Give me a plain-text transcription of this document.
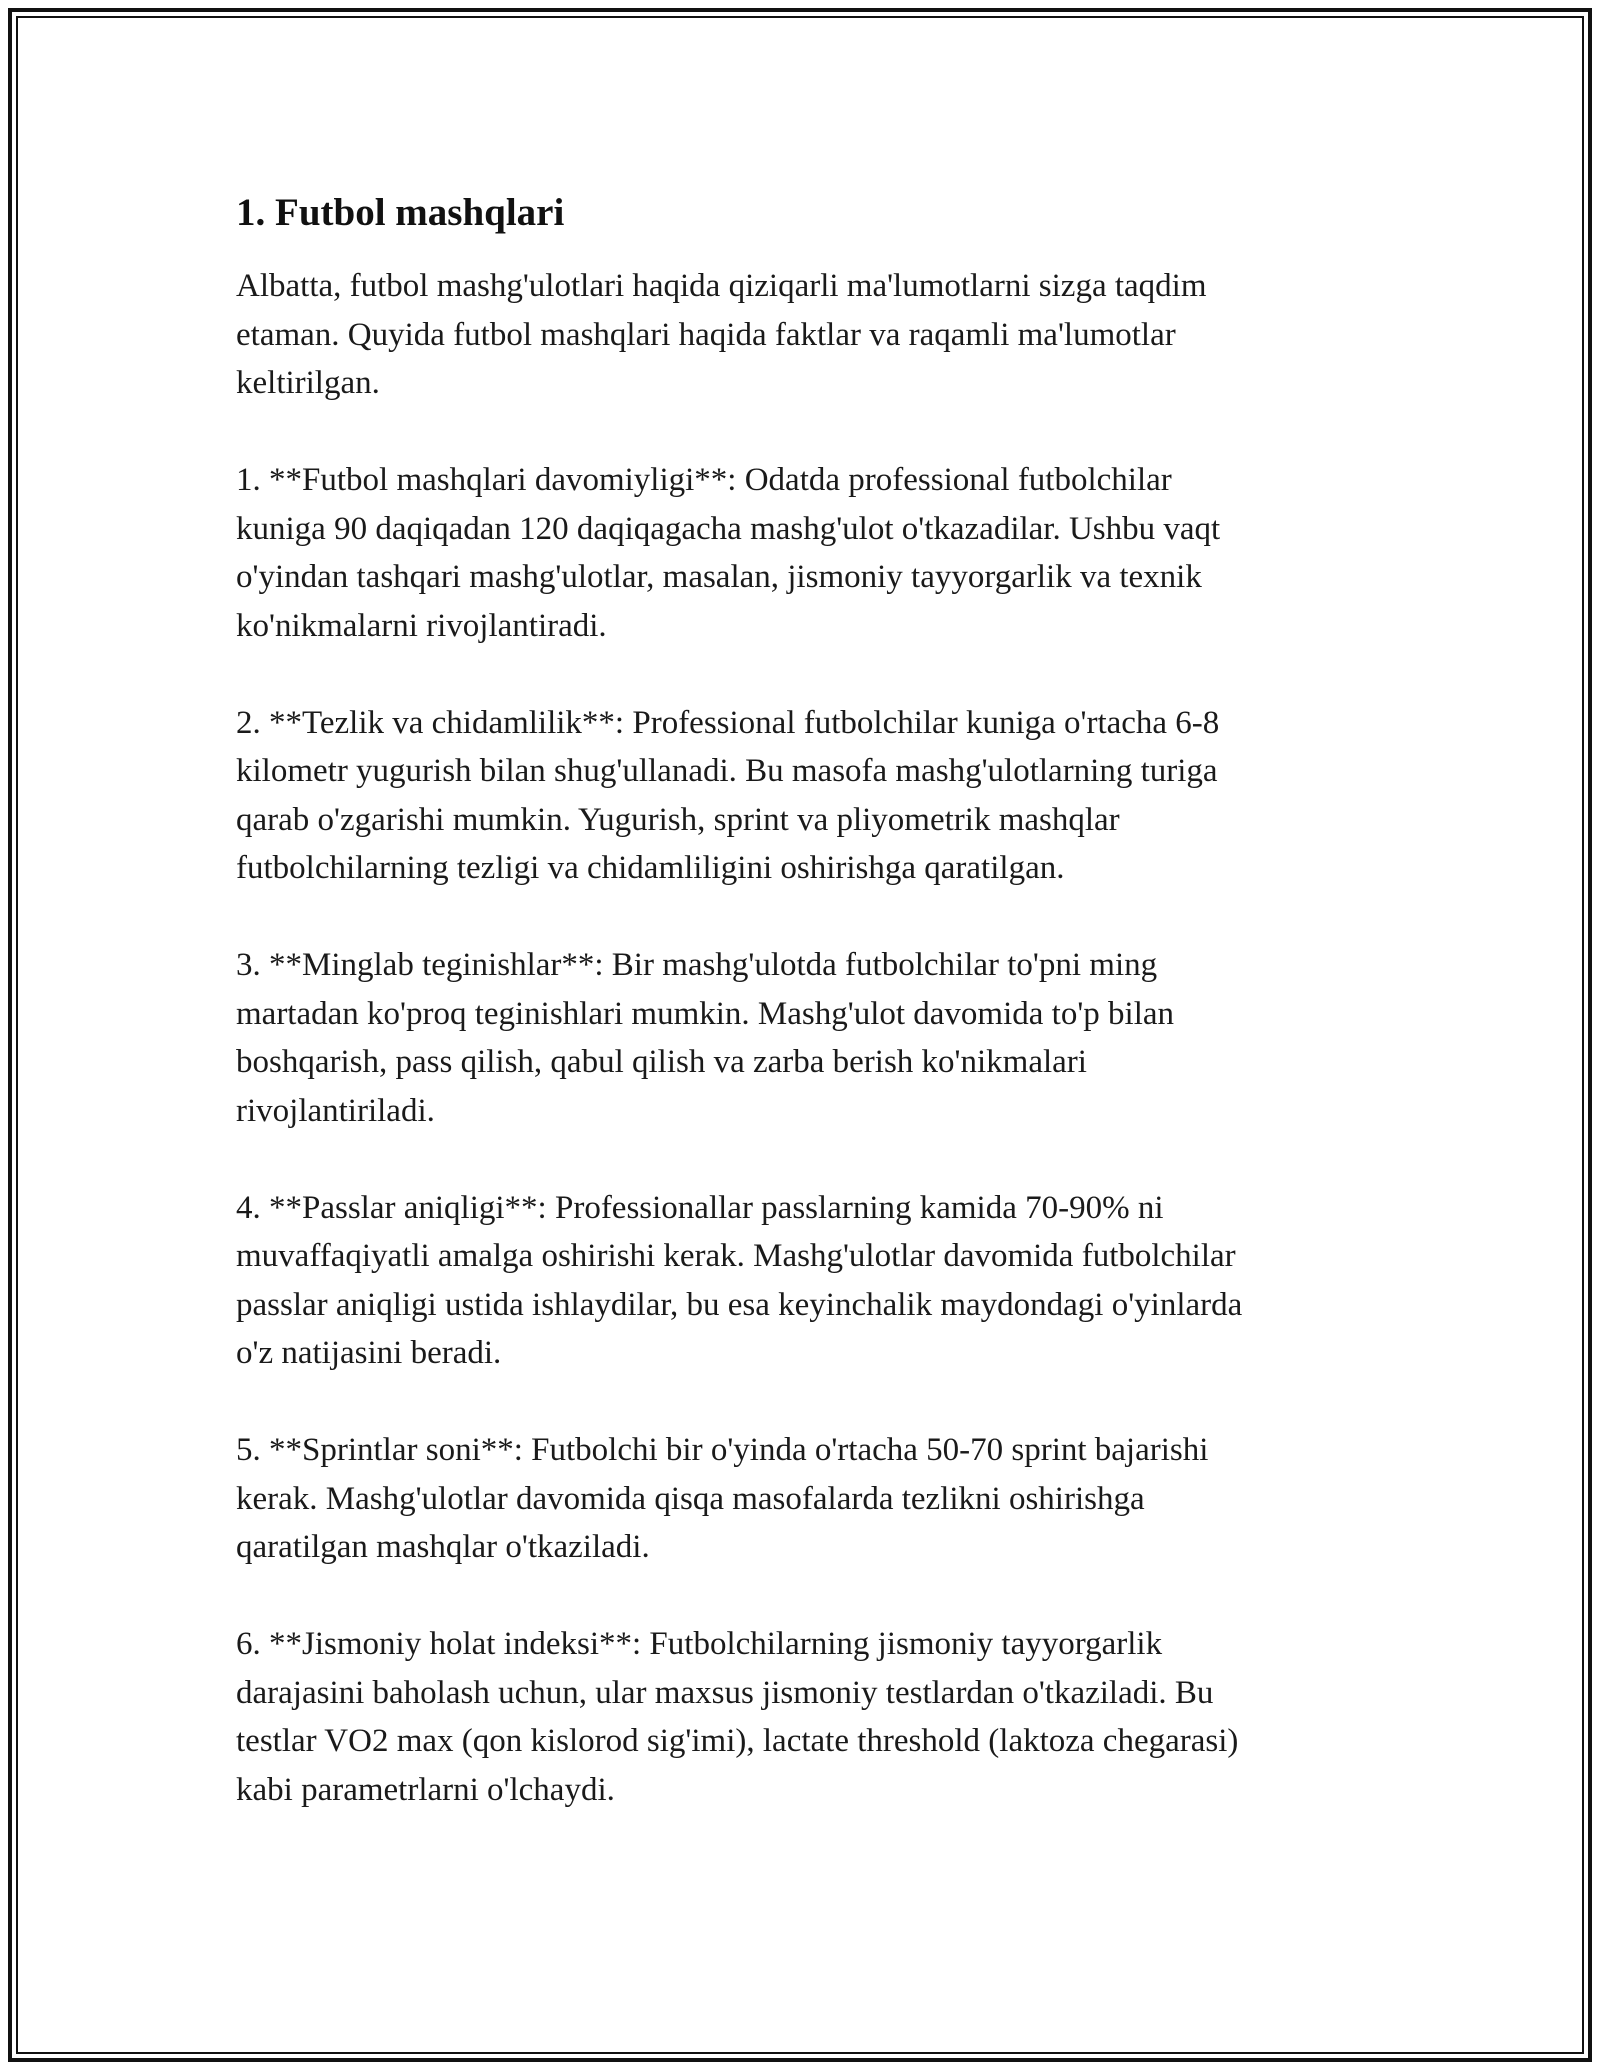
1. Futbol mashqlari

Albatta, futbol mashg'ulotlari haqida qiziqarli ma'lumotlarni sizga taqdim
etaman. Quyida futbol mashqlari haqida faktlar va raqamli ma'lumotlar
keltirilgan.

1. **Futbol mashqlari davomiyligi**: Odatda professional futbolchilar
kuniga 90 daqiqadan 120 daqiqagacha mashg'ulot o'tkazadilar. Ushbu vaqt
o'yindan tashqari mashg'ulotlar, masalan, jismoniy tayyorgarlik va texnik
ko'nikmalarni rivojlantiradi.

2. **Tezlik va chidamlilik**: Professional futbolchilar kuniga o'rtacha 6-8
kilometr yugurish bilan shug'ullanadi. Bu masofa mashg'ulotlarning turiga
qarab o'zgarishi mumkin. Yugurish, sprint va pliyometrik mashqlar
futbolchilarning tezligi va chidamliligini oshirishga qaratilgan.

3. **Minglab teginishlar**: Bir mashg'ulotda futbolchilar to'pni ming
martadan ko'proq teginishlari mumkin. Mashg'ulot davomida to'p bilan
boshqarish, pass qilish, qabul qilish va zarba berish ko'nikmalari
rivojlantiriladi.

4. **Passlar aniqligi**: Professionallar passlarning kamida 70-90% ni
muvaffaqiyatli amalga oshirishi kerak. Mashg'ulotlar davomida futbolchilar
passlar aniqligi ustida ishlaydilar, bu esa keyinchalik maydondagi o'yinlarda
o'z natijasini beradi.

5. **Sprintlar soni**: Futbolchi bir o'yinda o'rtacha 50-70 sprint bajarishi
kerak. Mashg'ulotlar davomida qisqa masofalarda tezlikni oshirishga
qaratilgan mashqlar o'tkaziladi.

6. **Jismoniy holat indeksi**: Futbolchilarning jismoniy tayyorgarlik
darajasini baholash uchun, ular maxsus jismoniy testlardan o'tkaziladi. Bu
testlar VO2 max (qon kislorod sig'imi), lactate threshold (laktoza chegarasi)
kabi parametrlarni o'lchaydi.
